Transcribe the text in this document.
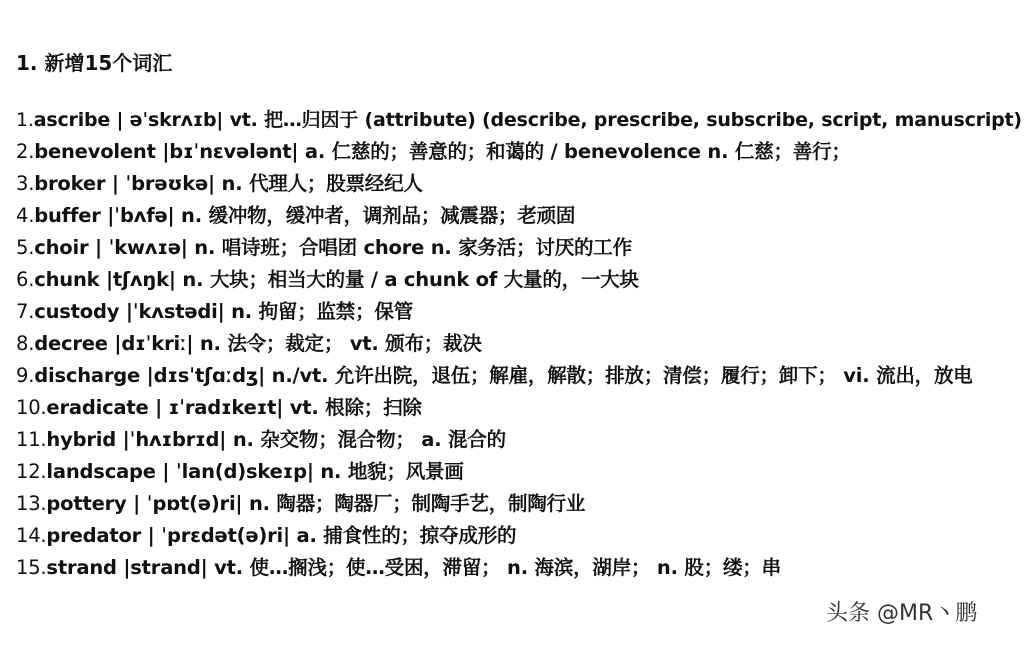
1. 新增15个词汇
1.ascribe | əˈskrʌɪb| vt. 把…归因于 (attribute) (describe, prescribe, subscribe, script, manuscript)
2.benevolent |bɪˈnɛvələnt| a. 仁慈的；善意的；和蔼的 / benevolence n. 仁慈；善行；
3.broker | ˈbrəʊkə| n. 代理人；股票经纪人
4.buffer |ˈbʌfə| n. 缓冲物，缓冲者，调剂品；减震器；老顽固
5.choir | ˈkwʌɪə| n. 唱诗班；合唱团 chore n. 家务活；讨厌的工作
6.chunk |tʃʌŋk| n. 大块；相当大的量 / a chunk of 大量的，一大块
7.custody |ˈkʌstədi| n. 拘留；监禁；保管
8.decree |dɪˈkriː| n. 法令；裁定； vt. 颁布；裁决
9.discharge |dɪsˈtʃɑːdʒ| n./vt. 允许出院，退伍；解雇，解散；排放；清偿；履行；卸下； vi. 流出，放电
10.eradicate | ɪˈradɪkeɪt| vt. 根除；扫除
11.hybrid |ˈhʌɪbrɪd| n. 杂交物；混合物； a. 混合的
12.landscape | ˈlan(d)skeɪp| n. 地貌；风景画
13.pottery | ˈpɒt(ə)ri| n. 陶器；陶器厂；制陶手艺，制陶行业
14.predator | ˈprɛdət(ə)ri| a. 捕食性的；掠夺成形的
15.strand |strand| vt. 使…搁浅；使…受困，滞留； n. 海滨，湖岸； n. 股；缕；串
头条 @MR丶鹏
